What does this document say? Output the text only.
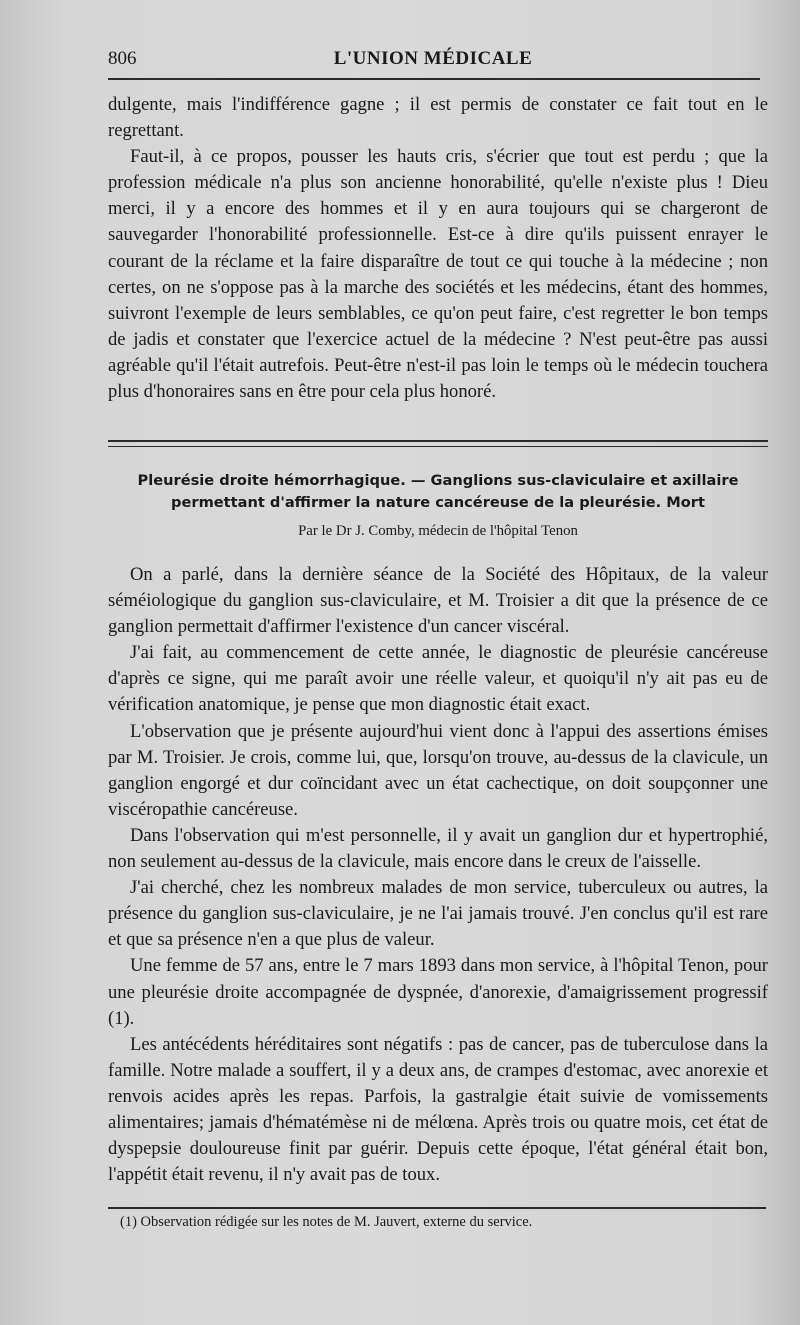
806	L'UNION MÉDICALE

dulgente, mais l'indifférence gagne ; il est permis de constater ce fait tout en le regrettant.

Faut-il, à ce propos, pousser les hauts cris, s'écrier que tout est perdu ; que la profession médicale n'a plus son ancienne honorabilité, qu'elle n'existe plus ! Dieu merci, il y a encore des hommes et il y en aura toujours qui se chargeront de sauvegarder l'honorabilité professionnelle. Est-ce à dire qu'ils puissent enrayer le courant de la réclame et la faire disparaître de tout ce qui touche à la médecine ; non certes, on ne s'oppose pas à la marche des sociétés et les médecins, étant des hommes, suivront l'exemple de leurs semblables, ce qu'on peut faire, c'est regretter le bon temps de jadis et constater que l'exercice actuel de la médecine ? N'est peut-être pas aussi agréable qu'il l'était autrefois. Peut-être n'est-il pas loin le temps où le médecin touchera plus d'honoraires sans en être pour cela plus honoré.

Pleurésie droite hémorrhagique. — Ganglions sus-claviculaire et axillaire
permettant d'affirmer la nature cancéreuse de la pleurésie. Mort
Par le Dr J. Comby, médecin de l'hôpital Tenon

On a parlé, dans la dernière séance de la Société des Hôpitaux, de la valeur séméiologique du ganglion sus-claviculaire, et M. Troisier a dit que la présence de ce ganglion permettait d'affirmer l'existence d'un cancer viscéral.

J'ai fait, au commencement de cette année, le diagnostic de pleurésie cancéreuse d'après ce signe, qui me paraît avoir une réelle valeur, et quoiqu'il n'y ait pas eu de vérification anatomique, je pense que mon diagnostic était exact.

L'observation que je présente aujourd'hui vient donc à l'appui des assertions émises par M. Troisier. Je crois, comme lui, que, lorsqu'on trouve, au-dessus de la clavicule, un ganglion engorgé et dur coïncidant avec un état cachectique, on doit soupçonner une viscéropathie cancéreuse.

Dans l'observation qui m'est personnelle, il y avait un ganglion dur et hypertrophié, non seulement au-dessus de la clavicule, mais encore dans le creux de l'aisselle.

J'ai cherché, chez les nombreux malades de mon service, tuberculeux ou autres, la présence du ganglion sus-claviculaire, je ne l'ai jamais trouvé. J'en conclus qu'il est rare et que sa présence n'en a que plus de valeur.

Une femme de 57 ans, entre le 7 mars 1893 dans mon service, à l'hôpital Tenon, pour une pleurésie droite accompagnée de dyspnée, d'anorexie, d'amaigrissement progressif (1).

Les antécédents héréditaires sont négatifs : pas de cancer, pas de tuberculose dans la famille. Notre malade a souffert, il y a deux ans, de crampes d'estomac, avec anorexie et renvois acides après les repas. Parfois, la gastralgie était suivie de vomissements alimentaires; jamais d'hématémèse ni de mélœna. Après trois ou quatre mois, cet état de dyspepsie douloureuse finit par guérir. Depuis cette époque, l'état général était bon, l'appétit était revenu, il n'y avait pas de toux.

(1) Observation rédigée sur les notes de M. Jauvert, externe du service.
